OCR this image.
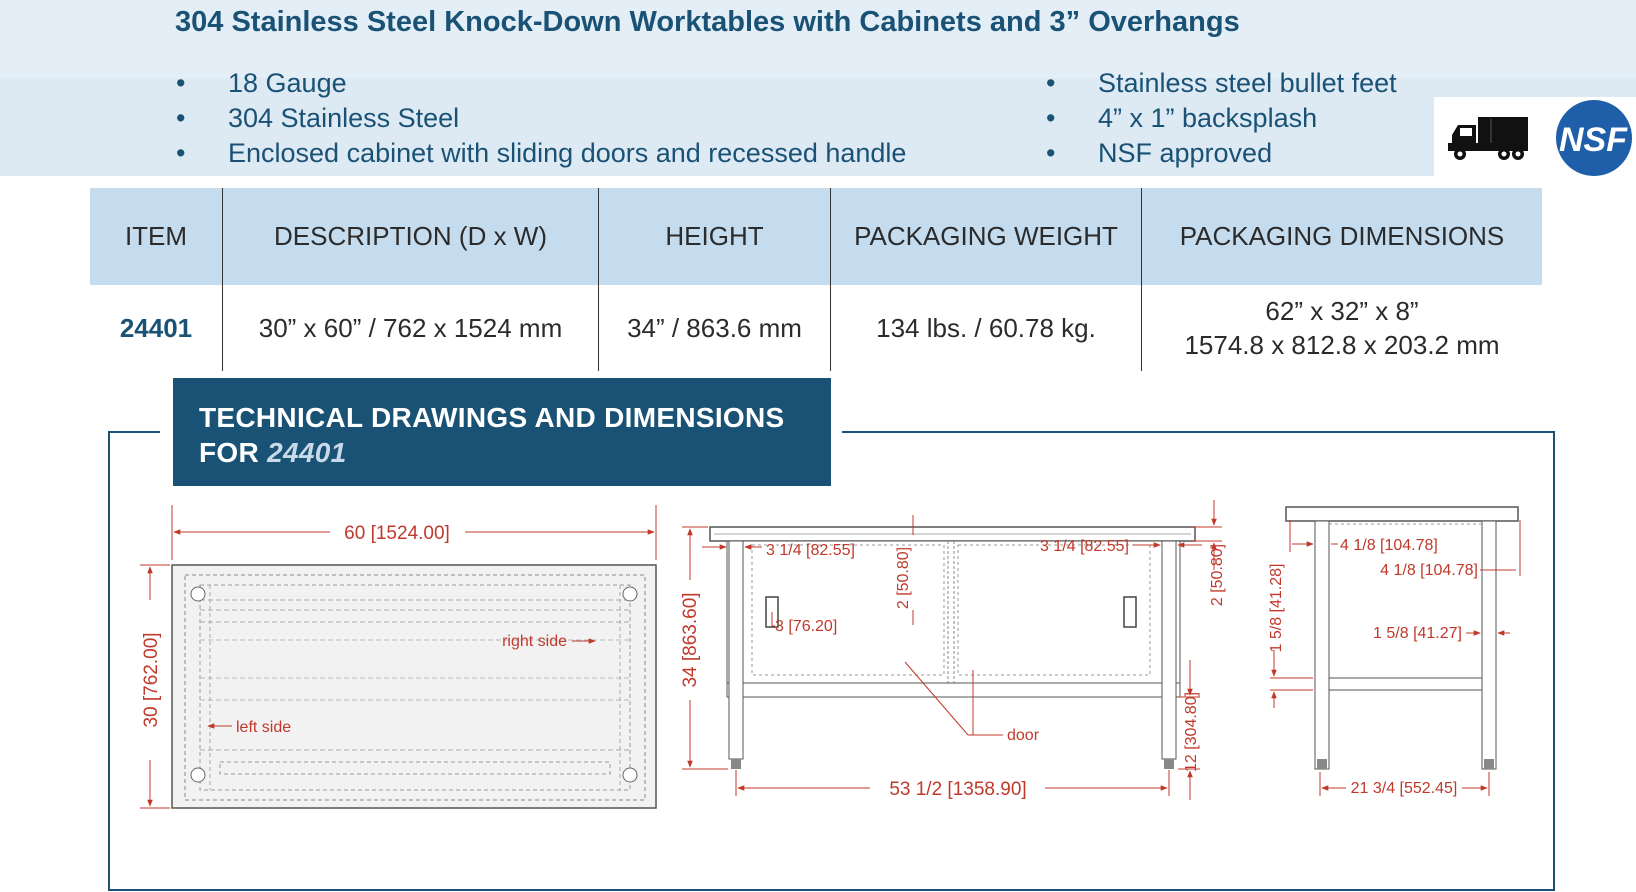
304 Stainless Steel Knock-Down Worktables with Cabinets and 3” Overhangs
• 18 Gauge
• 304 Stainless Steel
• Enclosed cabinet with sliding doors and recessed handle
• Stainless steel bullet feet
• 4” x 1” backsplash
• NSF approved	NSF
ITEM	DESCRIPTION (D x W)	HEIGHT	PACKAGING WEIGHT	PACKAGING DIMENSIONS
24401	30” x 60” / 762 x 1524 mm	34” / 863.6 mm	134 lbs. / 60.78 kg.	62” x 32” x 8”
1574.8 x 812.8 x 203.2 mm
TECHNICAL DRAWINGS AND DIMENSIONS
FOR 24401
60 [1524.00]
30 [762.00]	right side
left side
34 [863.60]
3 1/4 [82.55]	3 1/4 [82.55]
3 [76.20]
2 [50.80]	2 [50.80]
12 [304.80]
53 1/2 [1358.90]
door
4 1/8 [104.78]
4 1/8 [104.78]
1 5/8 [41.28]	1 5/8 [41.27]
21 3/4 [552.45]
